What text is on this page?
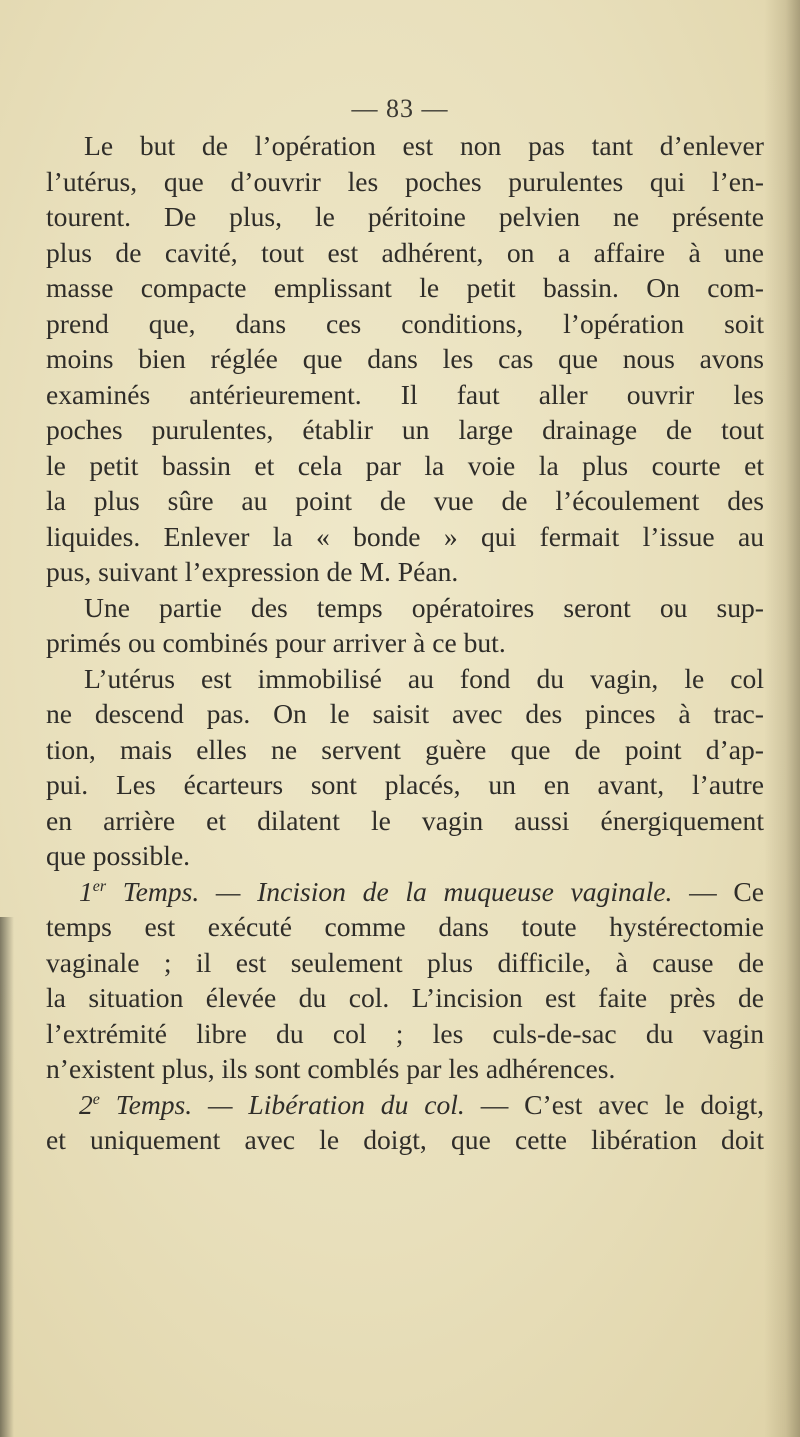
— 83 —
Le but de l’opération est non pas tant d’enlever
l’utérus, que d’ouvrir les poches purulentes qui l’en-
tourent. De plus, le péritoine pelvien ne présente
plus de cavité, tout est adhérent, on a affaire à une
masse compacte emplissant le petit bassin. On com-
prend que, dans ces conditions, l’opération soit
moins bien réglée que dans les cas que nous avons
examinés antérieurement. Il faut aller ouvrir les
poches purulentes, établir un large drainage de tout
le petit bassin et cela par la voie la plus courte et
la plus sûre au point de vue de l’écoulement des
liquides. Enlever la « bonde » qui fermait l’issue au
pus, suivant l’expression de M. Péan.
Une partie des temps opératoires seront ou sup-
primés ou combinés pour arriver à ce but.
L’utérus est immobilisé au fond du vagin, le col
ne descend pas. On le saisit avec des pinces à trac-
tion, mais elles ne servent guère que de point d’ap-
pui. Les écarteurs sont placés, un en avant, l’autre
en arrière et dilatent le vagin aussi énergiquement
que possible.
1er Temps. — Incision de la muqueuse vaginale. — Ce
temps est exécuté comme dans toute hystérectomie
vaginale ; il est seulement plus difficile, à cause de
la situation élevée du col. L’incision est faite près de
l’extrémité libre du col ; les culs-de-sac du vagin
n’existent plus, ils sont comblés par les adhérences.
2e Temps. — Libération du col. — C’est avec le doigt,
et uniquement avec le doigt, que cette libération doit
